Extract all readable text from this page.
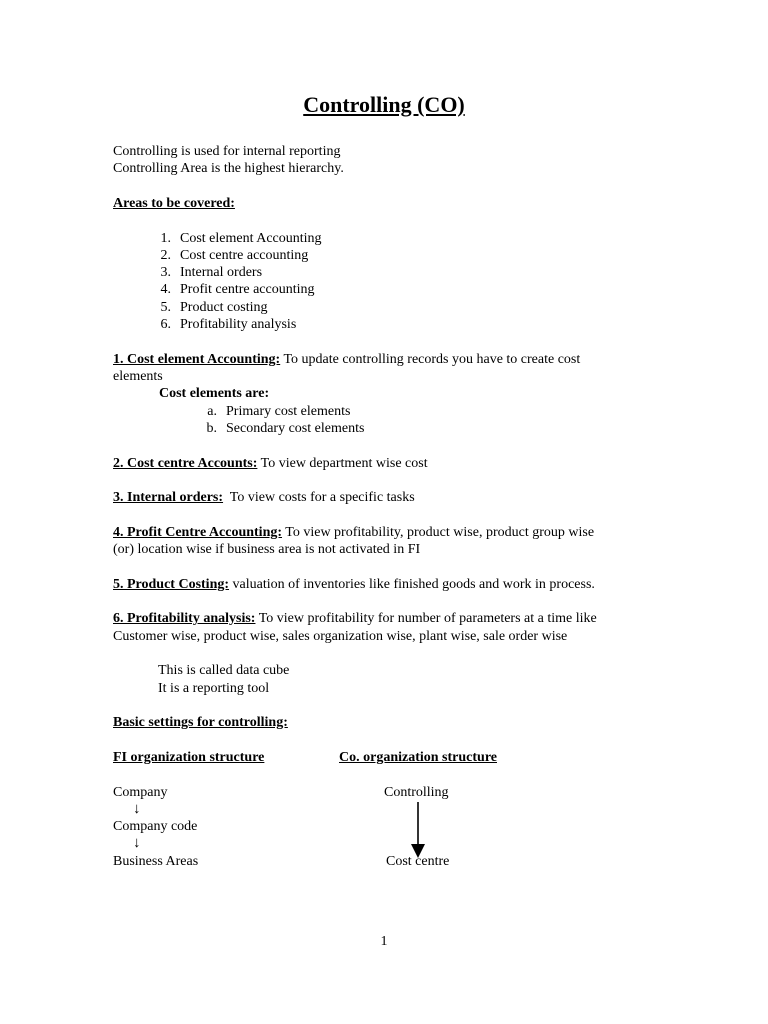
Controlling (CO)
Controlling is used for internal reporting
Controlling Area is the highest hierarchy.
Areas to be covered:
1. Cost element Accounting
2. Cost centre accounting
3. Internal orders
4. Profit centre accounting
5. Product costing
6. Profitability analysis
1. Cost element Accounting: To update controlling records you have to create cost
elements
Cost elements are:
a. Primary cost elements
b. Secondary cost elements
2. Cost centre Accounts: To view department wise cost
3. Internal orders:  To view costs for a specific tasks
4. Profit Centre Accounting: To view profitability, product wise, product group wise
(or) location wise if business area is not activated in FI
5. Product Costing: valuation of inventories like finished goods and work in process.
6. Profitability analysis: To view profitability for number of parameters at a time like
Customer wise, product wise, sales organization wise, plant wise, sale order wise
This is called data cube
It is a reporting tool
Basic settings for controlling:
FI organization structure	Co. organization structure
Company
↓
Company code
↓
Business Areas
Controlling
Cost centre
1
